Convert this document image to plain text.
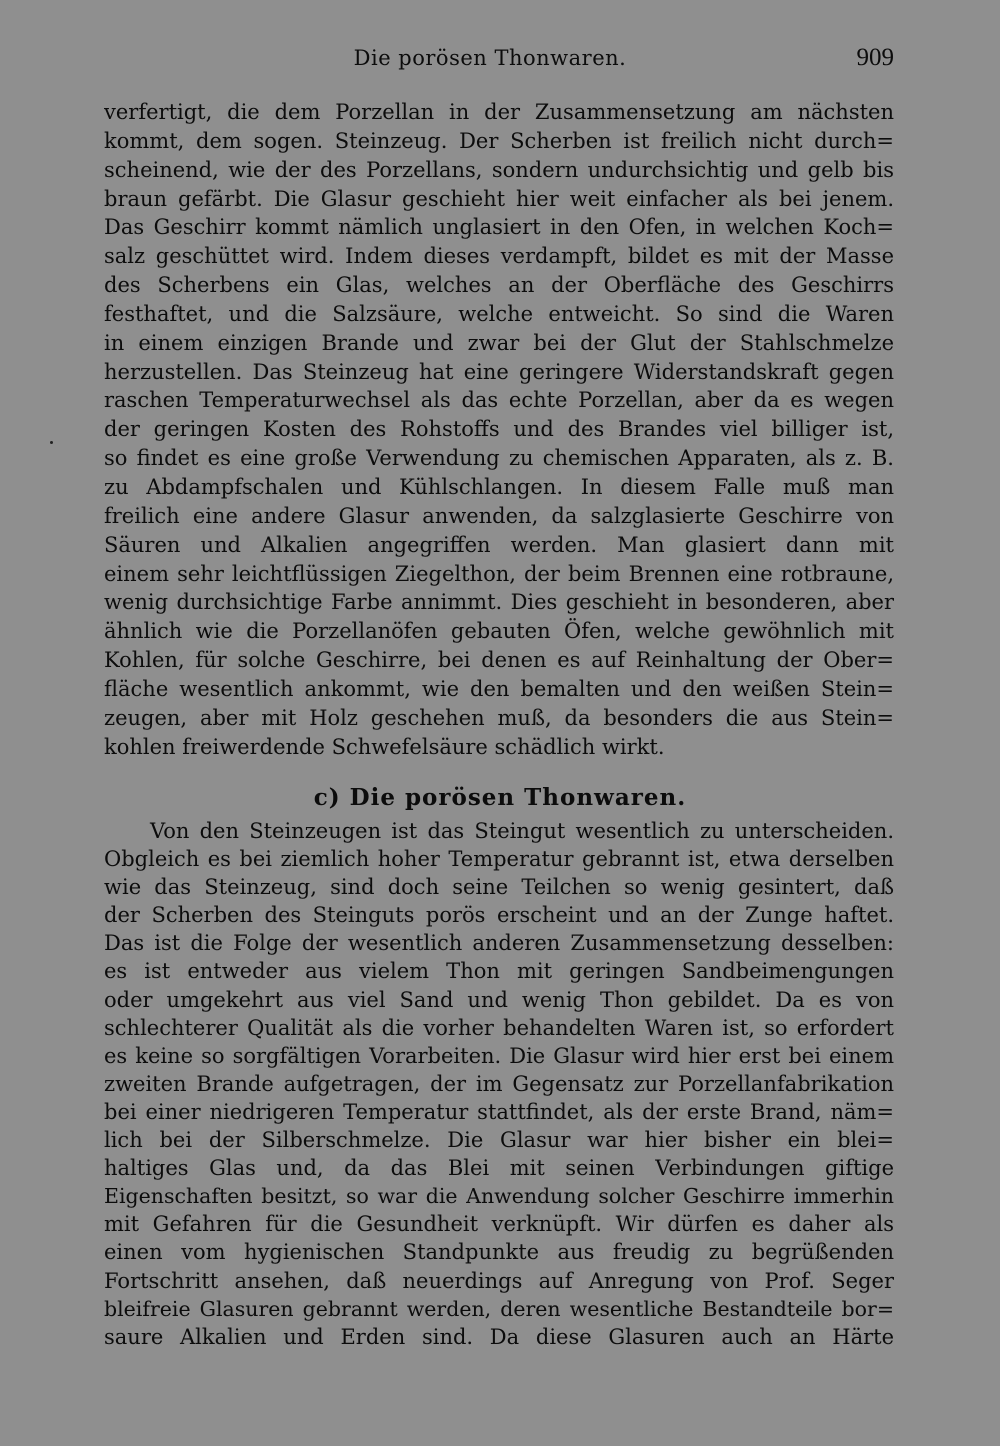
Die porösen Thonwaren.	909
verfertigt, die dem Porzellan in der Zusammensetzung am nächsten
kommt, dem sogen. Steinzeug. Der Scherben ist freilich nicht durch=
scheinend, wie der des Porzellans, sondern undurchsichtig und gelb bis
braun gefärbt. Die Glasur geschieht hier weit einfacher als bei jenem.
Das Geschirr kommt nämlich unglasiert in den Ofen, in welchen Koch=
salz geschüttet wird. Indem dieses verdampft, bildet es mit der Masse
des Scherbens ein Glas, welches an der Oberfläche des Geschirrs
festhaftet, und die Salzsäure, welche entweicht. So sind die Waren
in einem einzigen Brande und zwar bei der Glut der Stahlschmelze
herzustellen. Das Steinzeug hat eine geringere Widerstandskraft gegen
raschen Temperaturwechsel als das echte Porzellan, aber da es wegen
der geringen Kosten des Rohstoffs und des Brandes viel billiger ist,
so findet es eine große Verwendung zu chemischen Apparaten, als z. B.
zu Abdampfschalen und Kühlschlangen. In diesem Falle muß man
freilich eine andere Glasur anwenden, da salzglasierte Geschirre von
Säuren und Alkalien angegriffen werden. Man glasiert dann mit
einem sehr leichtflüssigen Ziegelthon, der beim Brennen eine rotbraune,
wenig durchsichtige Farbe annimmt. Dies geschieht in besonderen, aber
ähnlich wie die Porzellanöfen gebauten Öfen, welche gewöhnlich mit
Kohlen, für solche Geschirre, bei denen es auf Reinhaltung der Ober=
fläche wesentlich ankommt, wie den bemalten und den weißen Stein=
zeugen, aber mit Holz geschehen muß, da besonders die aus Stein=
kohlen freiwerdende Schwefelsäure schädlich wirkt.
c) Die porösen Thonwaren.
Von den Steinzeugen ist das Steingut wesentlich zu unterscheiden.
Obgleich es bei ziemlich hoher Temperatur gebrannt ist, etwa derselben
wie das Steinzeug, sind doch seine Teilchen so wenig gesintert, daß
der Scherben des Steinguts porös erscheint und an der Zunge haftet.
Das ist die Folge der wesentlich anderen Zusammensetzung desselben:
es ist entweder aus vielem Thon mit geringen Sandbeimengungen
oder umgekehrt aus viel Sand und wenig Thon gebildet. Da es von
schlechterer Qualität als die vorher behandelten Waren ist, so erfordert
es keine so sorgfältigen Vorarbeiten. Die Glasur wird hier erst bei einem
zweiten Brande aufgetragen, der im Gegensatz zur Porzellanfabrikation
bei einer niedrigeren Temperatur stattfindet, als der erste Brand, näm=
lich bei der Silberschmelze. Die Glasur war hier bisher ein blei=
haltiges Glas und, da das Blei mit seinen Verbindungen giftige
Eigenschaften besitzt, so war die Anwendung solcher Geschirre immerhin
mit Gefahren für die Gesundheit verknüpft. Wir dürfen es daher als
einen vom hygienischen Standpunkte aus freudig zu begrüßenden
Fortschritt ansehen, daß neuerdings auf Anregung von Prof. Seger
bleifreie Glasuren gebrannt werden, deren wesentliche Bestandteile bor=
saure Alkalien und Erden sind. Da diese Glasuren auch an Härte
